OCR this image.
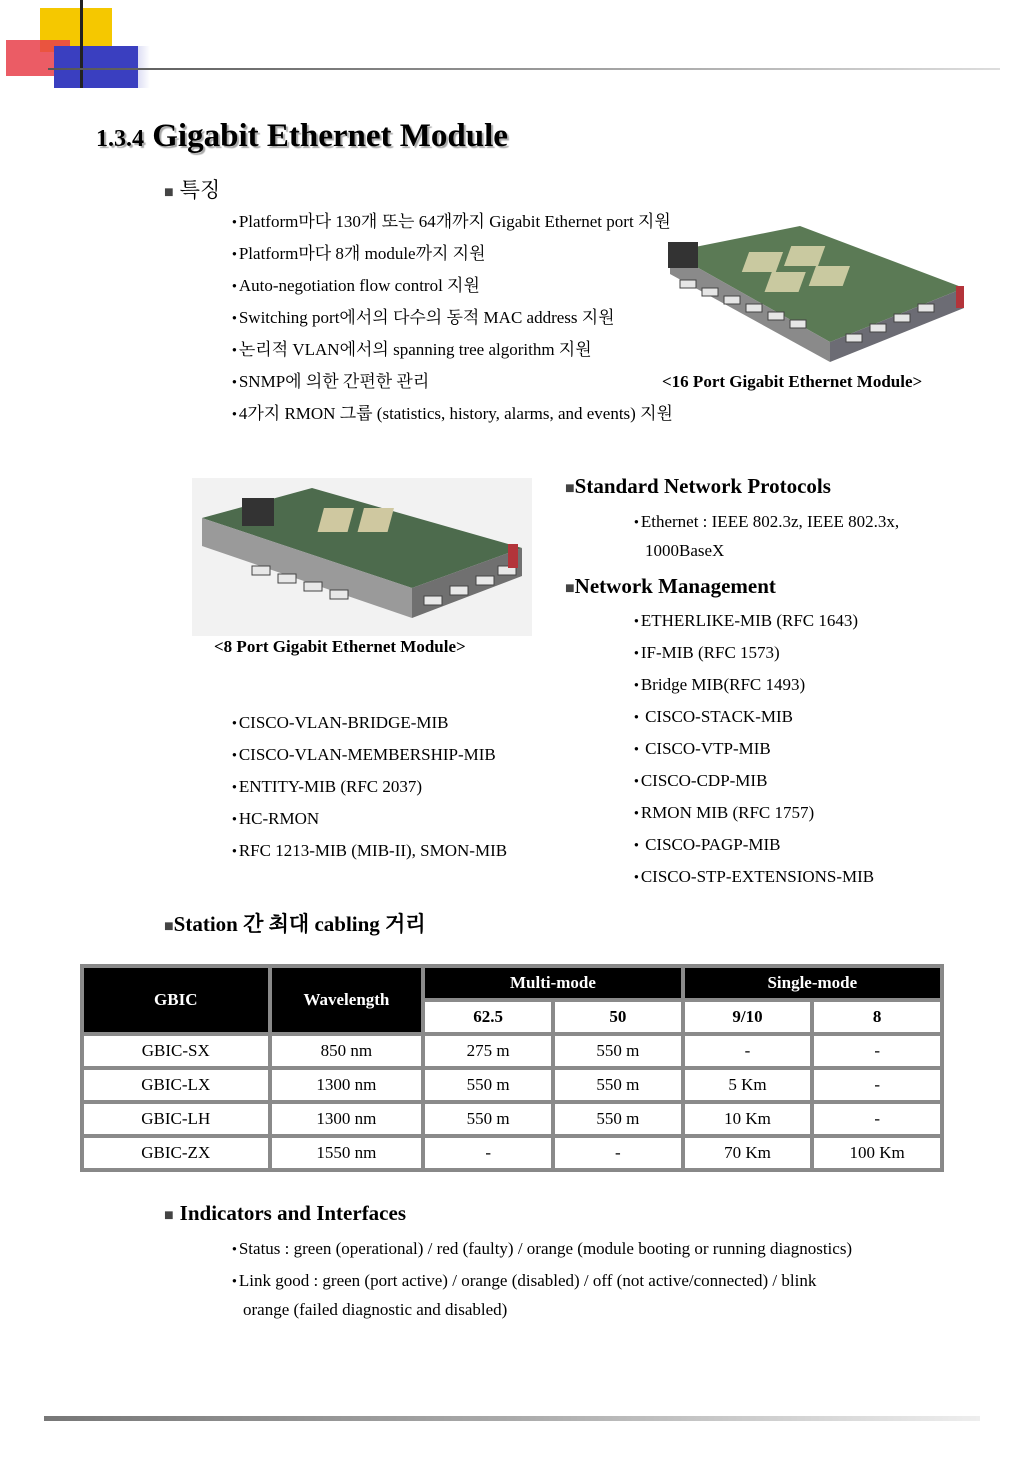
1.3.4 Gigabit Ethernet Module
■ 특징
● Platform마다 130개 또는 64개까지 Gigabit Ethernet port 지원
● Platform마다 8개 module까지 지원
● Auto-negotiation flow control 지원
● Switching port에서의 다수의 동적 MAC address 지원
● 논리적 VLAN에서의 spanning tree algorithm 지원
● SNMP에 의한 간편한 관리
● 4가지 RMON 그룹 (statistics, history, alarms, and events) 지원
<16 Port Gigabit Ethernet Module>
<8 Port Gigabit Ethernet Module>
■Standard Network Protocols
● Ethernet : IEEE 802.3z, IEEE 802.3x,
1000BaseX
■Network Management
● ETHERLIKE-MIB (RFC 1643)
● IF-MIB (RFC 1573)
● Bridge MIB(RFC 1493)
●  CISCO-STACK-MIB
●  CISCO-VTP-MIB
● CISCO-CDP-MIB
● RMON MIB (RFC 1757)
●  CISCO-PAGP-MIB
● CISCO-STP-EXTENSIONS-MIB
● CISCO-VLAN-BRIDGE-MIB
● CISCO-VLAN-MEMBERSHIP-MIB
● ENTITY-MIB (RFC 2037)
● HC-RMON
● RFC 1213-MIB (MIB-II), SMON-MIB
■Station 간 최대 cabling 거리
GBIC	Wavelength	Multi-mode		Single-mode	
		62.5	50	9/10	8
GBIC-SX	850 nm	275 m	550 m	-	-
GBIC-LX	1300 nm	550 m	550 m	5 Km	-
GBIC-LH	1300 nm	550 m	550 m	10 Km	-
GBIC-ZX	1550 nm	-	-	70 Km	100 Km
■ Indicators and Interfaces
● Status : green (operational) / red (faulty) / orange (module booting or running diagnostics)
● Link good : green (port active) / orange (disabled) / off (not active/connected) / blink
orange (failed diagnostic and disabled)
